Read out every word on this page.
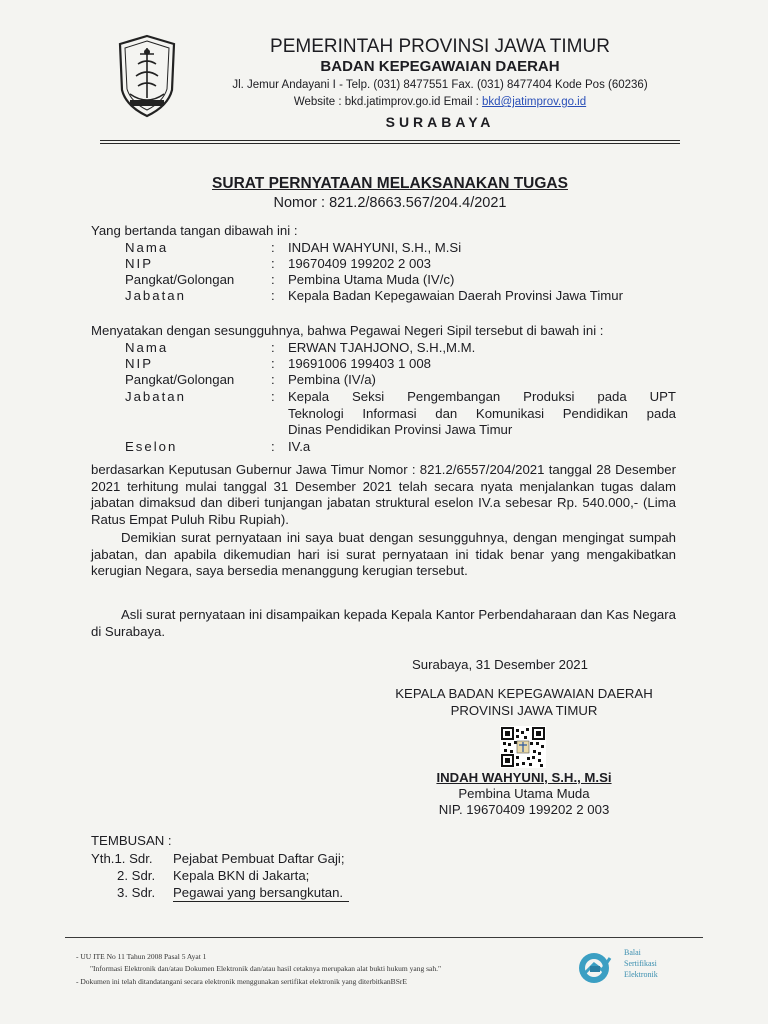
PEMERINTAH PROVINSI JAWA TIMUR
BADAN KEPEGAWAIAN DAERAH
Jl. Jemur Andayani I - Telp. (031) 8477551 Fax. (031) 8477404 Kode Pos (60236)
Website : bkd.jatimprov.go.id Email : bkd@jatimprov.go.id
SURABAYA
SURAT PERNYATAAN MELAKSANAKAN TUGAS
Nomor : 821.2/8663.567/204.4/2021
Yang bertanda tangan dibawah ini :
Nama	: INDAH WAHYUNI, S.H., M.Si
NIP	: 19670409 199202 2 003
Pangkat/Golongan	: Pembina Utama Muda (IV/c)
Jabatan	: Kepala Badan Kepegawaian Daerah Provinsi Jawa Timur
Menyatakan dengan sesungguhnya, bahwa Pegawai Negeri Sipil tersebut di bawah ini :
Nama	: ERWAN TJAHJONO, S.H.,M.M.
NIP	: 19691006 199403 1 008
Pangkat/Golongan	: Pembina (IV/a)
Jabatan	: Kepala Seksi Pengembangan Produksi pada UPT
Teknologi Informasi dan Komunikasi Pendidikan pada
Dinas Pendidikan Provinsi Jawa Timur
Eselon	: IV.a
berdasarkan Keputusan Gubernur Jawa Timur Nomor : 821.2/6557/204/2021 tanggal 28 Desember 2021 terhitung mulai tanggal 31 Desember 2021 telah secara nyata menjalankan tugas dalam jabatan dimaksud dan diberi tunjangan jabatan struktural eselon IV.a sebesar Rp. 540.000,- (Lima Ratus Empat Puluh Ribu Rupiah).
Demikian surat pernyataan ini saya buat dengan sesungguhnya, dengan mengingat sumpah jabatan, dan apabila dikemudian hari isi surat pernyataan ini tidak benar yang mengakibatkan kerugian Negara, saya bersedia menanggung kerugian tersebut.
Asli surat pernyataan ini disampaikan kepada Kepala Kantor Perbendaharaan dan Kas Negara di Surabaya.
Surabaya, 31 Desember 2021
KEPALA BADAN KEPEGAWAIAN DAERAH
PROVINSI JAWA TIMUR
INDAH WAHYUNI, S.H., M.Si
Pembina Utama Muda
NIP. 19670409 199202 2 003
TEMBUSAN :
Yth.1. Sdr. Pejabat Pembuat Daftar Gaji;
2. Sdr. Kepala BKN di Jakarta;
3. Sdr. Pegawai yang bersangkutan.
- UU ITE No 11 Tahun 2008 Pasal 5 Ayat 1
"Informasi Elektronik dan/atau Dokumen Elektronik dan/atau hasil cetaknya merupakan alat bukti hukum yang sah."
- Dokumen ini telah ditandatangani secara elektronik menggunakan sertifikat elektronik yang diterbitkanBSrE
Balai
Sertifikasi
Elektronik
